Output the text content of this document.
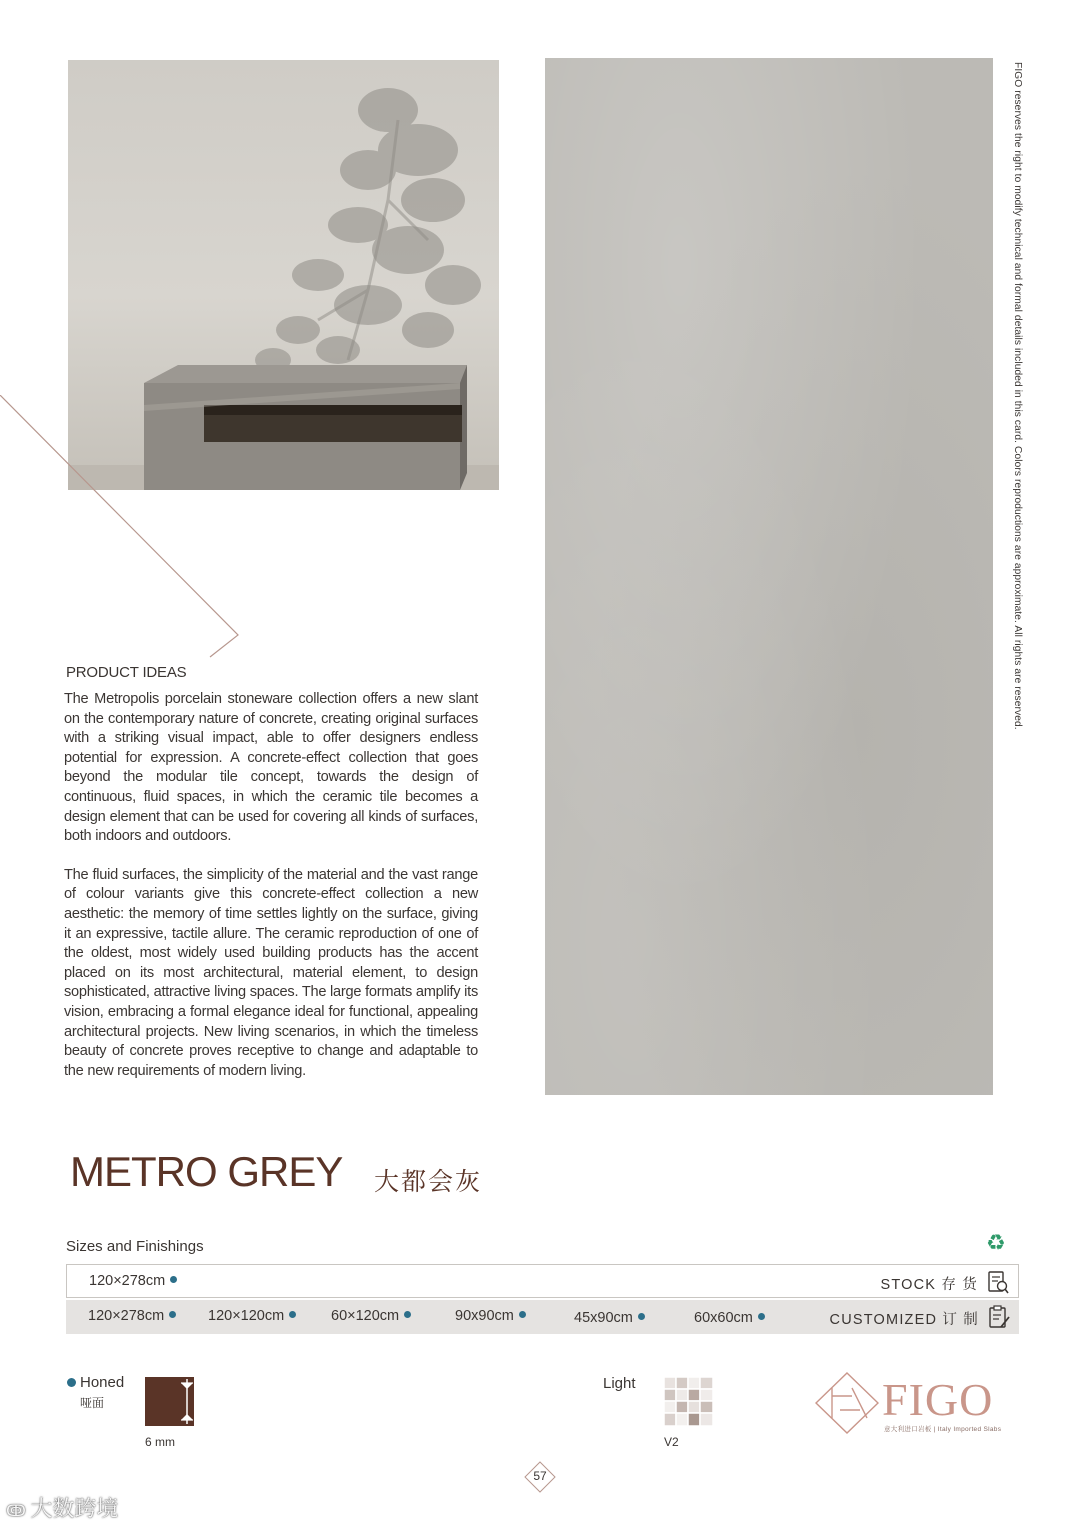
FIGO reserves the right to modify technical and formal details included in this card. Colors reproductions are approximate. All rights are reserved.
PRODUCT IDEAS

The Metropolis porcelain stoneware collection offers a new slant on the contemporary nature of concrete, creating original surfaces with a striking visual impact, able to offer designers endless potential for expression. A concrete-effect collection that goes beyond the modular tile concept, towards the design of continuous, fluid spaces, in which the ceramic tile becomes a design element that can be used for covering all kinds of surfaces, both indoors and outdoors.

The fluid surfaces, the simplicity of the material and the vast range of colour variants give this concrete-effect collection a new aesthetic: the memory of time settles lightly on the surface, giving it an expressive, tactile allure. The ceramic reproduction of one of the oldest, most widely used building products has the accent placed on its most architectural, material element, to design sophisticated, attractive living spaces. The large formats amplify its vision, embracing a formal elegance ideal for functional, appealing architectural projects. New living scenarios, in which the timeless beauty of concrete proves receptive to change and adaptable to the new requirements of modern living.

METRO GREY 大都会灰
Sizes and Finishings	♻
120×278cm	STOCK 存 货
120×278cm	120×120cm	60×120cm	90x90cm	45x90cm	60x60cm	CUSTOMIZED 订 制
Honed
哑面
6 mm
Light
V2
FIGO
意大利进口岩板 | Italy Imported Slabs
57
ↂ 大数跨境
